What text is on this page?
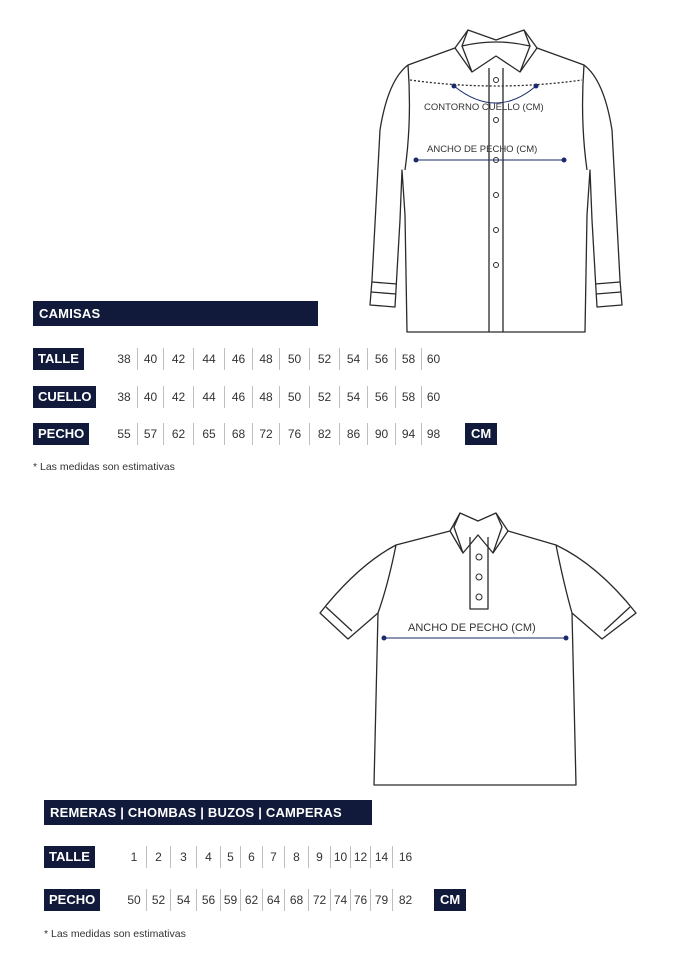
CONTORNO CUELLO (CM)
ANCHO DE PECHO (CM)
CAMISAS
TALLE	38	40	42	44	46	48	50	52	54	56	58 60
CUELLO	38	40	42	44	46	48	50	52	54	56	58 60
PECHO	55	57	62	65	68	72	76	82	86	90	94 98	CM
* Las medidas son estimativas
ANCHO DE PECHO (CM)
REMERAS | CHOMBAS | BUZOS | CAMPERAS
TALLE	1	2	3	4	5	6	7	8	9 10 12 14 16
PECHO	50 52 54 56 59 62 64 68 72 74 76 79 82	CM
* Las medidas son estimativas
